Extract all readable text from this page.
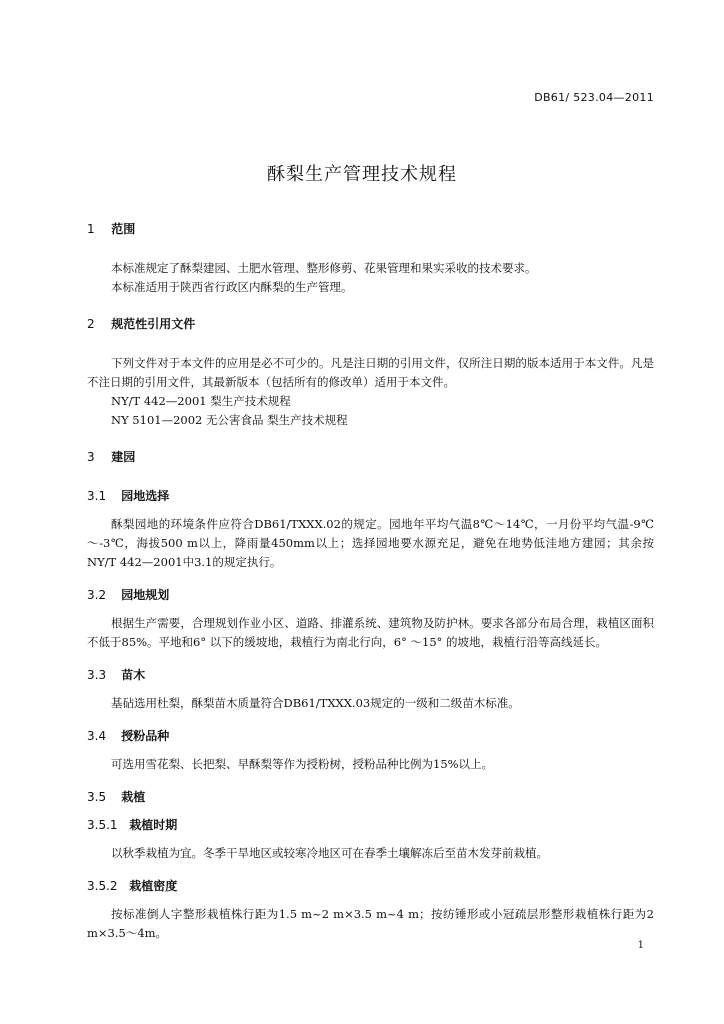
DB61/ 523.04—2011
酥梨生产管理技术规程
1 范围

本标准规定了酥梨建园、土肥水管理、整形修剪、花果管理和果实采收的技术要求。

本标准适用于陕西省行政区内酥梨的生产管理。

2 规范性引用文件

下列文件对于本文件的应用是必不可少的。凡是注日期的引用文件，仅所注日期的版本适用于本文件。凡是不注日期的引用文件，其最新版本（包括所有的修改单）适用于本文件。

NY/T 442—2001 梨生产技术规程

NY 5101—2002 无公害食品 梨生产技术规程

3 建园
3.1 园地选择

酥梨园地的环境条件应符合DB61/TXXX.02的规定。园地年平均气温8℃～14℃，一月份平均气温-9℃～-3℃，海拔500 m以上，降雨量450mm以上；选择园地要水源充足，避免在地势低洼地方建园；其余按NY/T 442—2001中3.1的规定执行。

3.2 园地规划

根据生产需要，合理规划作业小区、道路、排灌系统、建筑物及防护林。要求各部分布局合理，栽植区面积不低于85%。平地和6° 以下的缓坡地，栽植行为南北行向，6° ～15° 的坡地，栽植行沿等高线延长。

3.3 苗木

基砧选用杜梨，酥梨苗木质量符合DB61/TXXX.03规定的一级和二级苗木标准。

3.4 授粉品种

可选用雪花梨、长把梨、早酥梨等作为授粉树，授粉品种比例为15%以上。

3.5 栽植
3.5.1 栽植时期

以秋季栽植为宜。冬季干旱地区或较寒冷地区可在春季土壤解冻后至苗木发芽前栽植。

3.5.2 栽植密度

按标准倒人字整形栽植株行距为1.5 m~2 m×3.5 m~4 m；按纺锤形或小冠疏层形整形栽植株行距为2 m×3.5～4m。

1
